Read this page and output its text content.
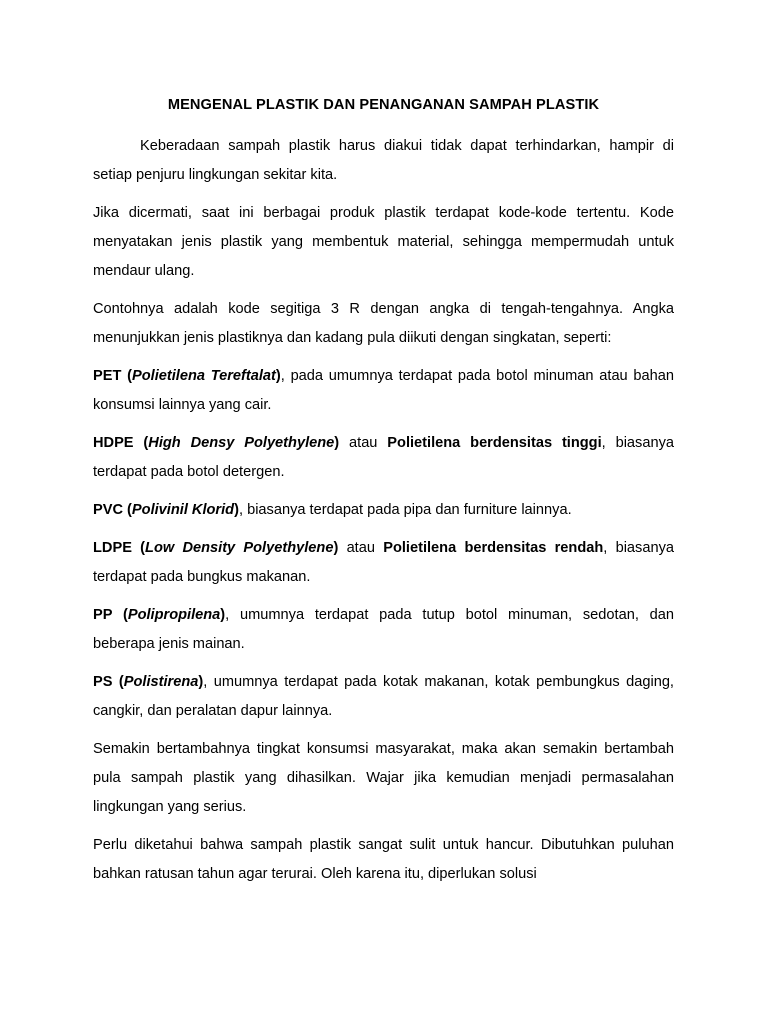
MENGENAL PLASTIK DAN PENANGANAN SAMPAH PLASTIK

Keberadaan sampah plastik harus diakui tidak dapat terhindarkan, hampir di setiap penjuru lingkungan sekitar kita.

Jika dicermati, saat ini berbagai produk plastik terdapat kode-kode tertentu. Kode menyatakan jenis plastik yang membentuk material, sehingga mempermudah untuk mendaur ulang.

Contohnya adalah kode segitiga 3 R dengan angka di tengah-tengahnya. Angka menunjukkan jenis plastiknya dan kadang pula diikuti dengan singkatan, seperti:

PET (Polietilena Tereftalat), pada umumnya terdapat pada botol minuman atau bahan konsumsi lainnya yang cair.

HDPE (High Densy Polyethylene) atau Polietilena berdensitas tinggi, biasanya terdapat pada botol detergen.

PVC (Polivinil Klorid), biasanya terdapat pada pipa dan furniture lainnya.

LDPE (Low Density Polyethylene) atau Polietilena berdensitas rendah, biasanya terdapat pada bungkus makanan.

PP (Polipropilena), umumnya terdapat pada tutup botol minuman, sedotan, dan beberapa jenis mainan.

PS (Polistirena), umumnya terdapat pada kotak makanan, kotak pembungkus daging, cangkir, dan peralatan dapur lainnya.

Semakin bertambahnya tingkat konsumsi masyarakat, maka akan semakin bertambah pula sampah plastik yang dihasilkan. Wajar jika kemudian menjadi permasalahan lingkungan yang serius.

Perlu diketahui bahwa sampah plastik sangat sulit untuk hancur. Dibutuhkan puluhan bahkan ratusan tahun agar terurai. Oleh karena itu, diperlukan solusi
